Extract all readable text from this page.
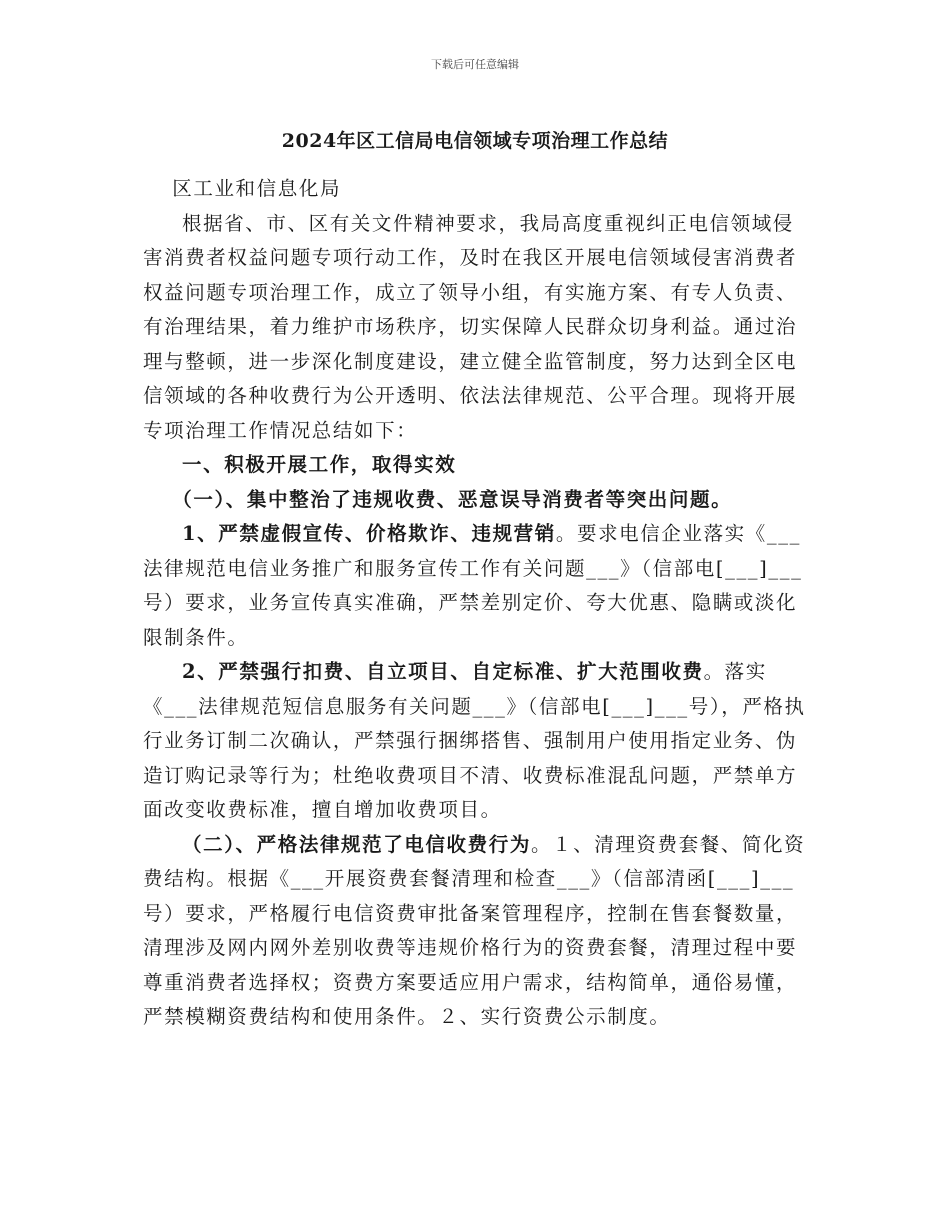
下载后可任意编辑
2024年区工信局电信领域专项治理工作总结

区工业和信息化局

根据省、市、区有关文件精神要求，我局高度重视纠正电信领域侵害消费者权益问题专项行动工作，及时在我区开展电信领域侵害消费者权益问题专项治理工作，成立了领导小组，有实施方案、有专人负责、有治理结果，着力维护市场秩序，切实保障人民群众切身利益。通过治理与整顿，进一步深化制度建设，建立健全监管制度，努力达到全区电信领域的各种收费行为公开透明、依法法律规范、公平合理。现将开展专项治理工作情况总结如下：

一、积极开展工作，取得实效

（一）、集中整治了违规收费、恶意误导消费者等突出问题。

1、严禁虚假宣传、价格欺诈、违规营销。要求电信企业落实《___法律规范电信业务推广和服务宣传工作有关问题___》（信部电[___]___号）要求，业务宣传真实准确，严禁差别定价、夸大优惠、隐瞒或淡化限制条件。

2、严禁强行扣费、自立项目、自定标准、扩大范围收费。落实《___法律规范短信息服务有关问题___》（信部电[___]___号），严格执行业务订制二次确认，严禁强行捆绑搭售、强制用户使用指定业务、伪造订购记录等行为；杜绝收费项目不清、收费标准混乱问题，严禁单方面改变收费标准，擅自增加收费项目。

（二）、严格法律规范了电信收费行为。１、清理资费套餐、简化资费结构。根据《___开展资费套餐清理和检查___》（信部清函[___]___号）要求，严格履行电信资费审批备案管理程序，控制在售套餐数量，清理涉及网内网外差别收费等违规价格行为的资费套餐，清理过程中要尊重消费者选择权；资费方案要适应用户需求，结构简单，通俗易懂，严禁模糊资费结构和使用条件。２、实行资费公示制度。
